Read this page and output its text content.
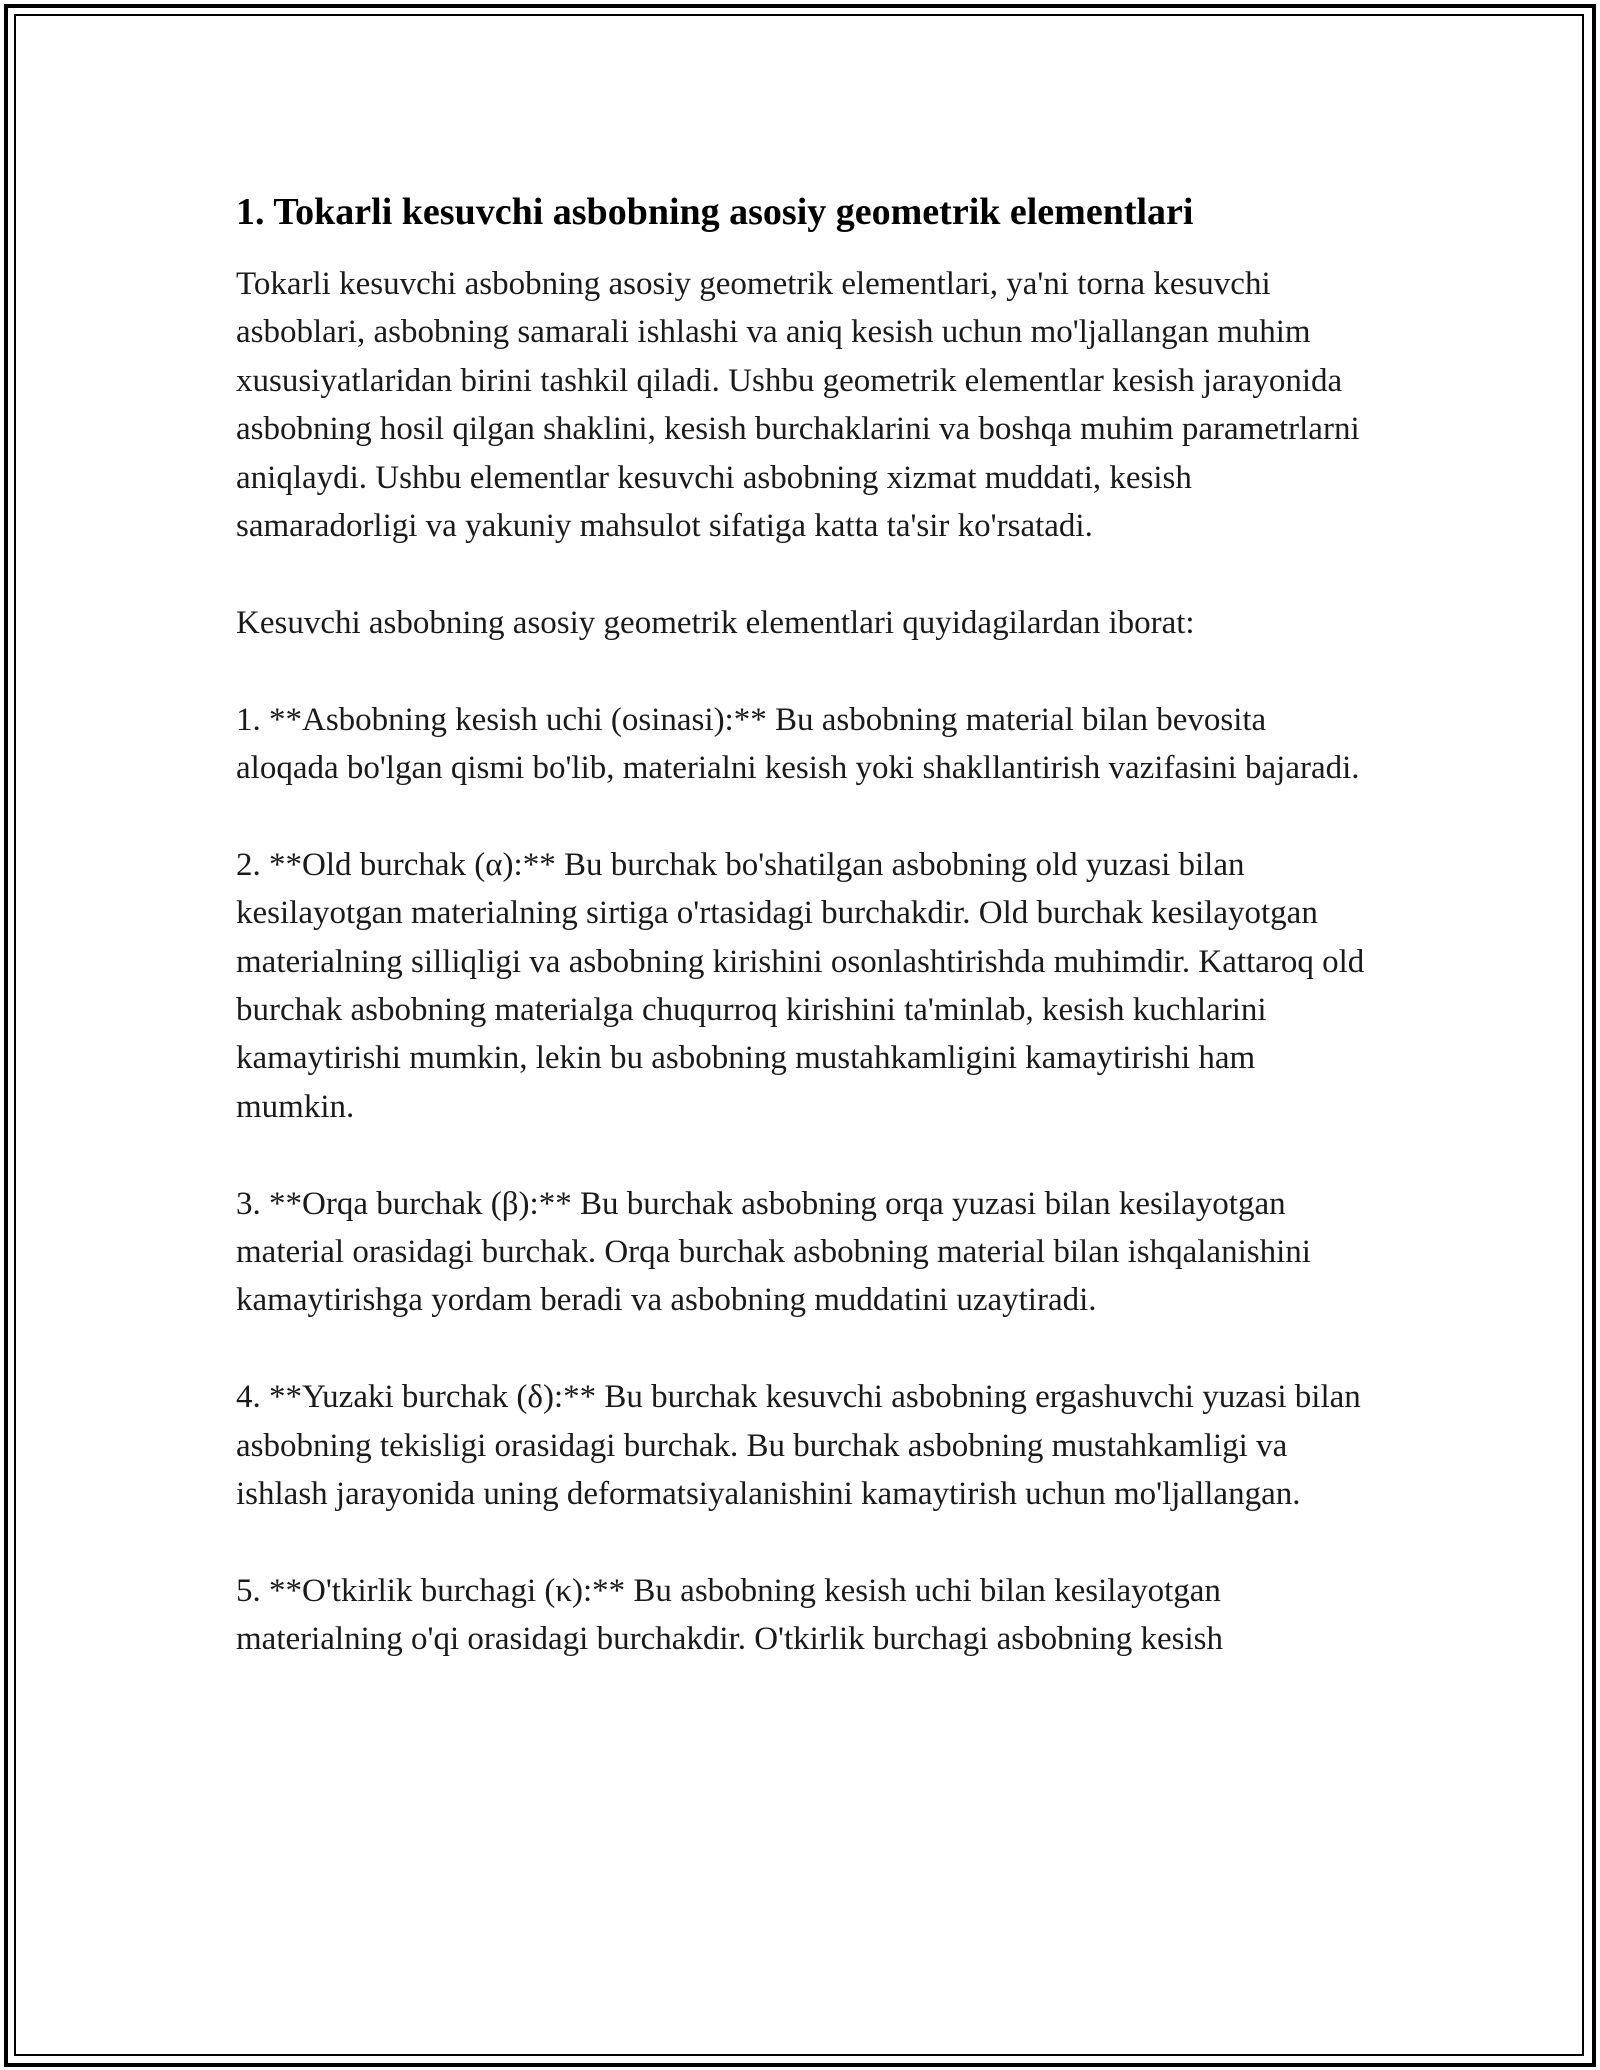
1. Tokarli kesuvchi asbobning asosiy geometrik elementlari

Tokarli kesuvchi asbobning asosiy geometrik elementlari, ya'ni torna kesuvchi asboblari, asbobning samarali ishlashi va aniq kesish uchun mo'ljallangan muhim xususiyatlaridan birini tashkil qiladi. Ushbu geometrik elementlar kesish jarayonida asbobning hosil qilgan shaklini, kesish burchaklarini va boshqa muhim parametrlarni aniqlaydi. Ushbu elementlar kesuvchi asbobning xizmat muddati, kesish samaradorligi va yakuniy mahsulot sifatiga katta ta'sir ko'rsatadi.

Kesuvchi asbobning asosiy geometrik elementlari quyidagilardan iborat:

1. **Asbobning kesish uchi (osinasi):** Bu asbobning material bilan bevosita aloqada bo'lgan qismi bo'lib, materialni kesish yoki shakllantirish vazifasini bajaradi.

2. **Old burchak (α):** Bu burchak bo'shatilgan asbobning old yuzasi bilan kesilayotgan materialning sirtiga o'rtasidagi burchakdir. Old burchak kesilayotgan materialning silliqligi va asbobning kirishini osonlashtirishda muhimdir. Kattaroq old burchak asbobning materialga chuqurroq kirishini ta'minlab, kesish kuchlarini kamaytirishi mumkin, lekin bu asbobning mustahkamligini kamaytirishi ham mumkin.

3. **Orqa burchak (β):** Bu burchak asbobning orqa yuzasi bilan kesilayotgan material orasidagi burchak. Orqa burchak asbobning material bilan ishqalanishini kamaytirishga yordam beradi va asbobning muddatini uzaytiradi.

4. **Yuzaki burchak (δ):** Bu burchak kesuvchi asbobning ergashuvchi yuzasi bilan asbobning tekisligi orasidagi burchak. Bu burchak asbobning mustahkamligi va ishlash jarayonida uning deformatsiyalanishini kamaytirish uchun mo'ljallangan.

5. **O'tkirlik burchagi (κ):** Bu asbobning kesish uchi bilan kesilayotgan materialning o'qi orasidagi burchakdir. O'tkirlik burchagi asbobning kesish
